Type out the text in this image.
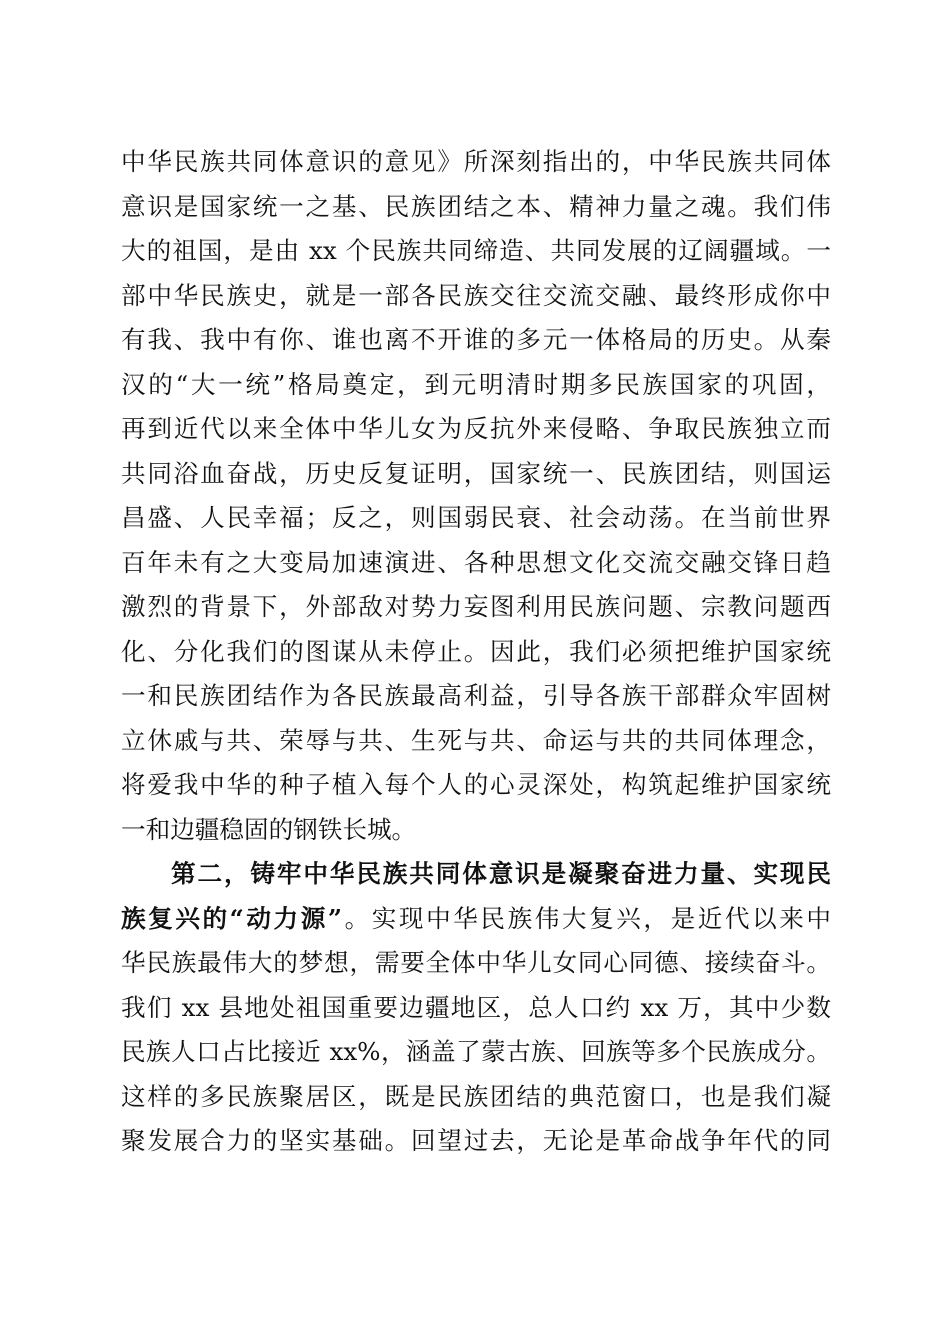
中华民族共同体意识的意见》所深刻指出的，中华民族共同体
意识是国家统一之基、民族团结之本、精神力量之魂。我们伟
大的祖国，是由 xx 个民族共同缔造、共同发展的辽阔疆域。一
部中华民族史，就是一部各民族交往交流交融、最终形成你中
有我、我中有你、谁也离不开谁的多元一体格局的历史。从秦
汉的“大一统”格局奠定，到元明清时期多民族国家的巩固，
再到近代以来全体中华儿女为反抗外来侵略、争取民族独立而
共同浴血奋战，历史反复证明，国家统一、民族团结，则国运
昌盛、人民幸福；反之，则国弱民衰、社会动荡。在当前世界
百年未有之大变局加速演进、各种思想文化交流交融交锋日趋
激烈的背景下，外部敌对势力妄图利用民族问题、宗教问题西
化、分化我们的图谋从未停止。因此，我们必须把维护国家统
一和民族团结作为各民族最高利益，引导各族干部群众牢固树
立休戚与共、荣辱与共、生死与共、命运与共的共同体理念，
将爱我中华的种子植入每个人的心灵深处，构筑起维护国家统
一和边疆稳固的钢铁长城。
第二，铸牢中华民族共同体意识是凝聚奋进力量、实现民
族复兴的“动力源”。实现中华民族伟大复兴，是近代以来中
华民族最伟大的梦想，需要全体中华儿女同心同德、接续奋斗。
我们 xx 县地处祖国重要边疆地区，总人口约 xx 万，其中少数
民族人口占比接近 xx%，涵盖了蒙古族、回族等多个民族成分。
这样的多民族聚居区，既是民族团结的典范窗口，也是我们凝
聚发展合力的坚实基础。回望过去，无论是革命战争年代的同
